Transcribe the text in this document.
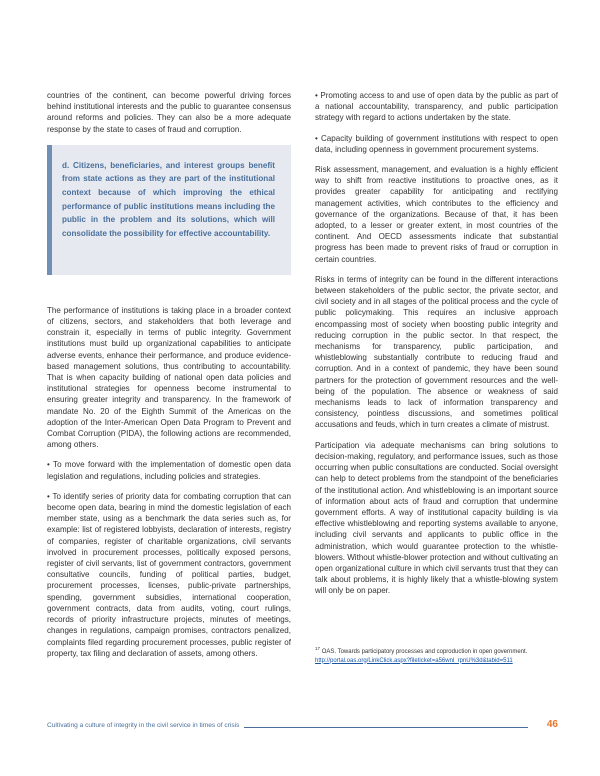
countries of the continent, can become powerful driving forces behind institutional interests and the public to guarantee consensus around reforms and policies. They can also be a more adequate response by the state to cases of fraud and corruption.

d. Citizens, beneficiaries, and interest groups benefit from state actions as they are part of the institutional context because of which improving the ethical performance of public institutions means including the public in the problem and its solutions, which will consolidate the possibility for effective accountability.

The performance of institutions is taking place in a broader context of citizens, sectors, and stakeholders that both leverage and constrain it, especially in terms of public integrity. Government institutions must build up organizational capabilities to anticipate adverse events, enhance their performance, and produce evidence-based management solutions, thus contributing to accountability. That is when capacity building of national open data policies and institutional strategies for openness become instrumental to ensuring greater integrity and transparency. In the framework of mandate No. 20 of the Eighth Summit of the Americas on the adoption of the Inter-American Open Data Program to Prevent and Combat Corruption (PIDA), the following actions are recommended, among others.

• To move forward with the implementation of domestic open data legislation and regulations, including policies and strategies.

• To identify series of priority data for combating corruption that can become open data, bearing in mind the domestic legislation of each member state, using as a benchmark the data series such as, for example: list of registered lobbyists, declaration of interests, registry of companies, register of charitable organizations, civil servants involved in procurement processes, politically exposed persons, register of civil servants, list of government contractors, government consultative councils, funding of political parties, budget, procurement processes, licenses, public-private partnerships, spending, government subsidies, international cooperation, government contracts, data from audits, voting, court rulings, records of priority infrastructure projects, minutes of meetings, changes in regulations, campaign promises, contractors penalized, complaints filed regarding procurement processes, public register of property, tax filing and declaration of assets, among others.

• Promoting access to and use of open data by the public as part of a national accountability, transparency, and public participation strategy with regard to actions undertaken by the state.

• Capacity building of government institutions with respect to open data, including openness in government procurement systems.

Risk assessment, management, and evaluation is a highly efficient way to shift from reactive institutions to proactive ones, as it provides greater capability for anticipating and rectifying management activities, which contributes to the efficiency and governance of the organizations. Because of that, it has been adopted, to a lesser or greater extent, in most countries of the continent. And OECD assessments indicate that substantial progress has been made to prevent risks of fraud or corruption in certain countries.

Risks in terms of integrity can be found in the different interactions between stakeholders of the public sector, the private sector, and civil society and in all stages of the political process and the cycle of public policymaking. This requires an inclusive approach encompassing most of society when boosting public integrity and reducing corruption in the public sector. In that respect, the mechanisms for transparency, public participation, and whistleblowing substantially contribute to reducing fraud and corruption. And in a context of pandemic, they have been sound partners for the protection of government resources and the well-being of the population. The absence or weakness of said mechanisms leads to lack of information transparency and consistency, pointless discussions, and sometimes political accusations and feuds, which in turn creates a climate of mistrust.

Participation via adequate mechanisms can bring solutions to decision-making, regulatory, and performance issues, such as those occurring when public consultations are conducted. Social oversight can help to detect problems from the standpoint of the beneficiaries of the institutional action. And whistleblowing is an important source of information about acts of fraud and corruption that undermine government efforts. A way of institutional capacity building is via effective whistleblowing and reporting systems available to anyone, including civil servants and applicants to public office in the administration, which would guarantee protection to the whistle-blowers. Without whistle-blower protection and without cultivating an open organizational culture in which civil servants trust that they can talk about problems, it is highly likely that a whistle-blowing system will only be on paper.

$^{17}$ OAS. Towards participatory processes and coproduction in open government.
http://portal.oas.org/LinkClick.aspx?fileticket=a56wnl_rpnU%3d&tabid=511
Cultivating a culture of integrity in the civil service in times of crisis	46
